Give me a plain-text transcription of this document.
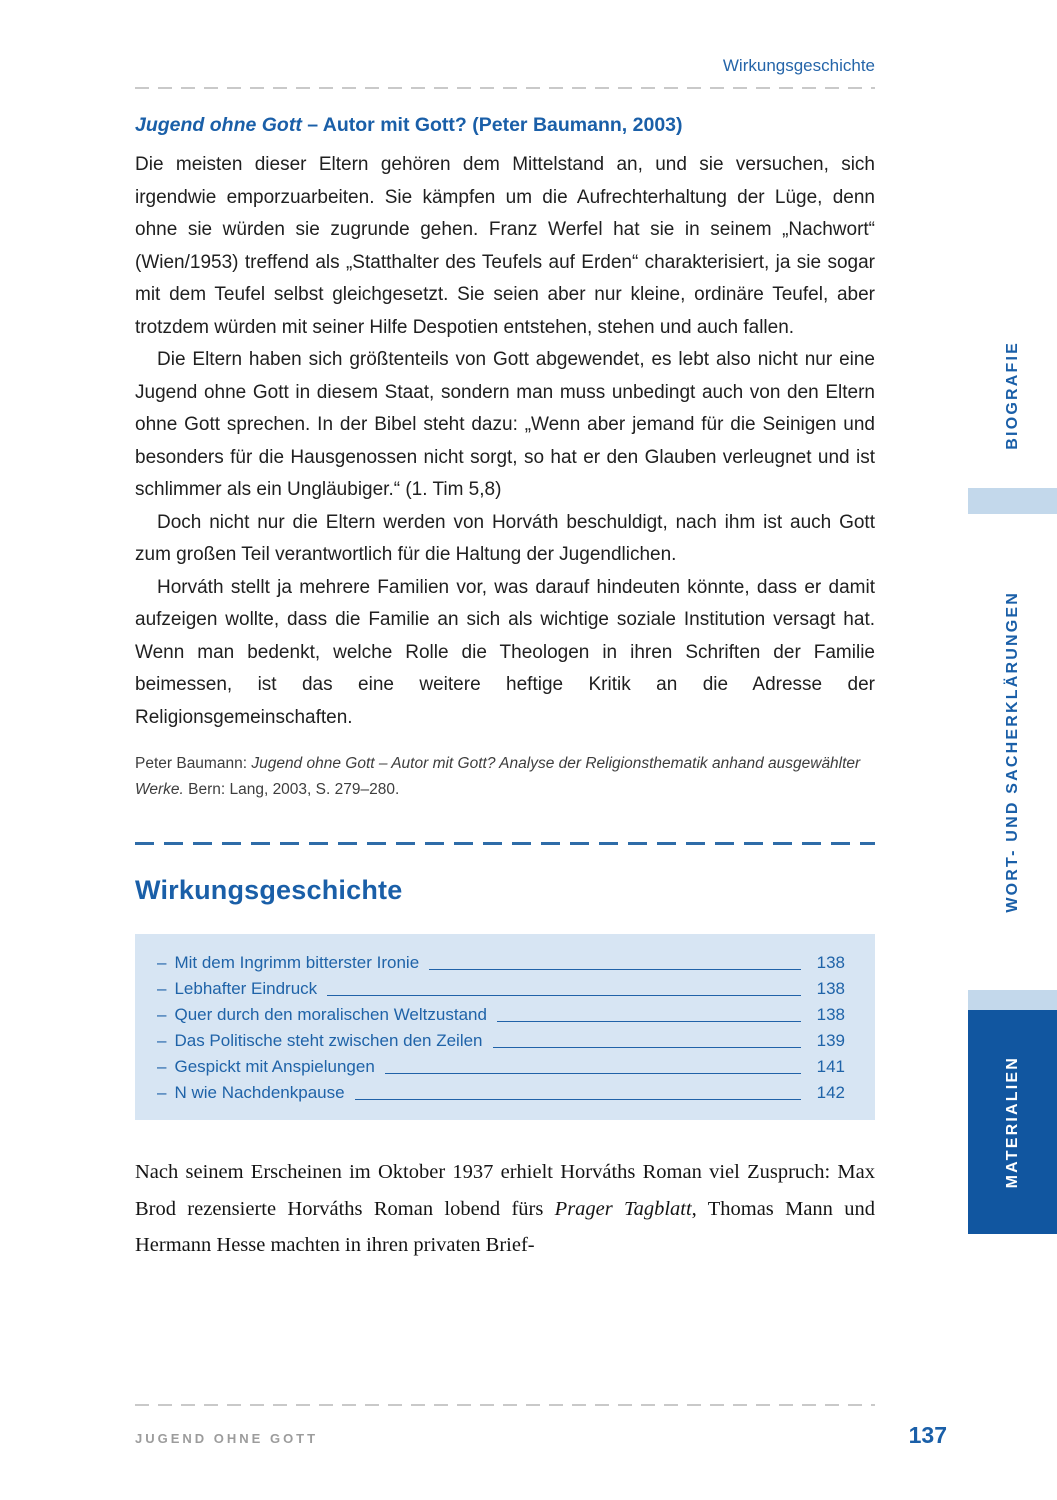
Wirkungsgeschichte
Jugend ohne Gott – Autor mit Gott? (Peter Baumann, 2003)

Die meisten dieser Eltern gehören dem Mittelstand an, und sie versuchen, sich irgendwie emporzuarbeiten. Sie kämpfen um die Aufrechterhaltung der Lüge, denn ohne sie würden sie zugrunde gehen. Franz Werfel hat sie in seinem „Nachwort“ (Wien/1953) treffend als „Statthalter des Teufels auf Erden“ charakterisiert, ja sie sogar mit dem Teufel selbst gleichgesetzt. Sie seien aber nur kleine, ordinäre Teufel, aber trotzdem würden mit seiner Hilfe Despotien entstehen, stehen und auch fallen.

Die Eltern haben sich größtenteils von Gott abgewendet, es lebt also nicht nur eine Jugend ohne Gott in diesem Staat, sondern man muss unbedingt auch von den Eltern ohne Gott sprechen. In der Bibel steht dazu: „Wenn aber jemand für die Seinigen und besonders für die Hausgenossen nicht sorgt, so hat er den Glauben verleugnet und ist schlimmer als ein Ungläubiger.“ (1. Tim 5,8)

Doch nicht nur die Eltern werden von Horváth beschuldigt, nach ihm ist auch Gott zum großen Teil verantwortlich für die Haltung der Jugendlichen.

Horváth stellt ja mehrere Familien vor, was darauf hindeuten könnte, dass er damit aufzeigen wollte, dass die Familie an sich als wichtige soziale Institution versagt hat. Wenn man bedenkt, welche Rolle die Theologen in ihren Schriften der Familie beimessen, ist das eine weitere heftige Kritik an die Adresse der Religionsgemeinschaften.

Peter Baumann: Jugend ohne Gott – Autor mit Gott? Analyse der Religionsthematik anhand ausgewählter Werke. Bern: Lang, 2003, S. 279–280.

Wirkungsgeschichte
– Mit dem Ingrimm bitterster Ironie	138
– Lebhafter Eindruck	138
– Quer durch den moralischen Weltzustand	138
– Das Politische steht zwischen den Zeilen	139
– Gespickt mit Anspielungen	141
– N wie Nachdenkpause	142

Nach seinem Erscheinen im Oktober 1937 erhielt Horváths Roman viel Zuspruch: Max Brod rezensierte Horváths Roman lobend fürs Prager Tagblatt, Thomas Mann und Hermann Hesse machten in ihren privaten Brief-

BIOGRAFIE
WORT- UND SACHERKLÄRUNGEN
MATERIALIEN
JUGEND OHNE GOTT	137
